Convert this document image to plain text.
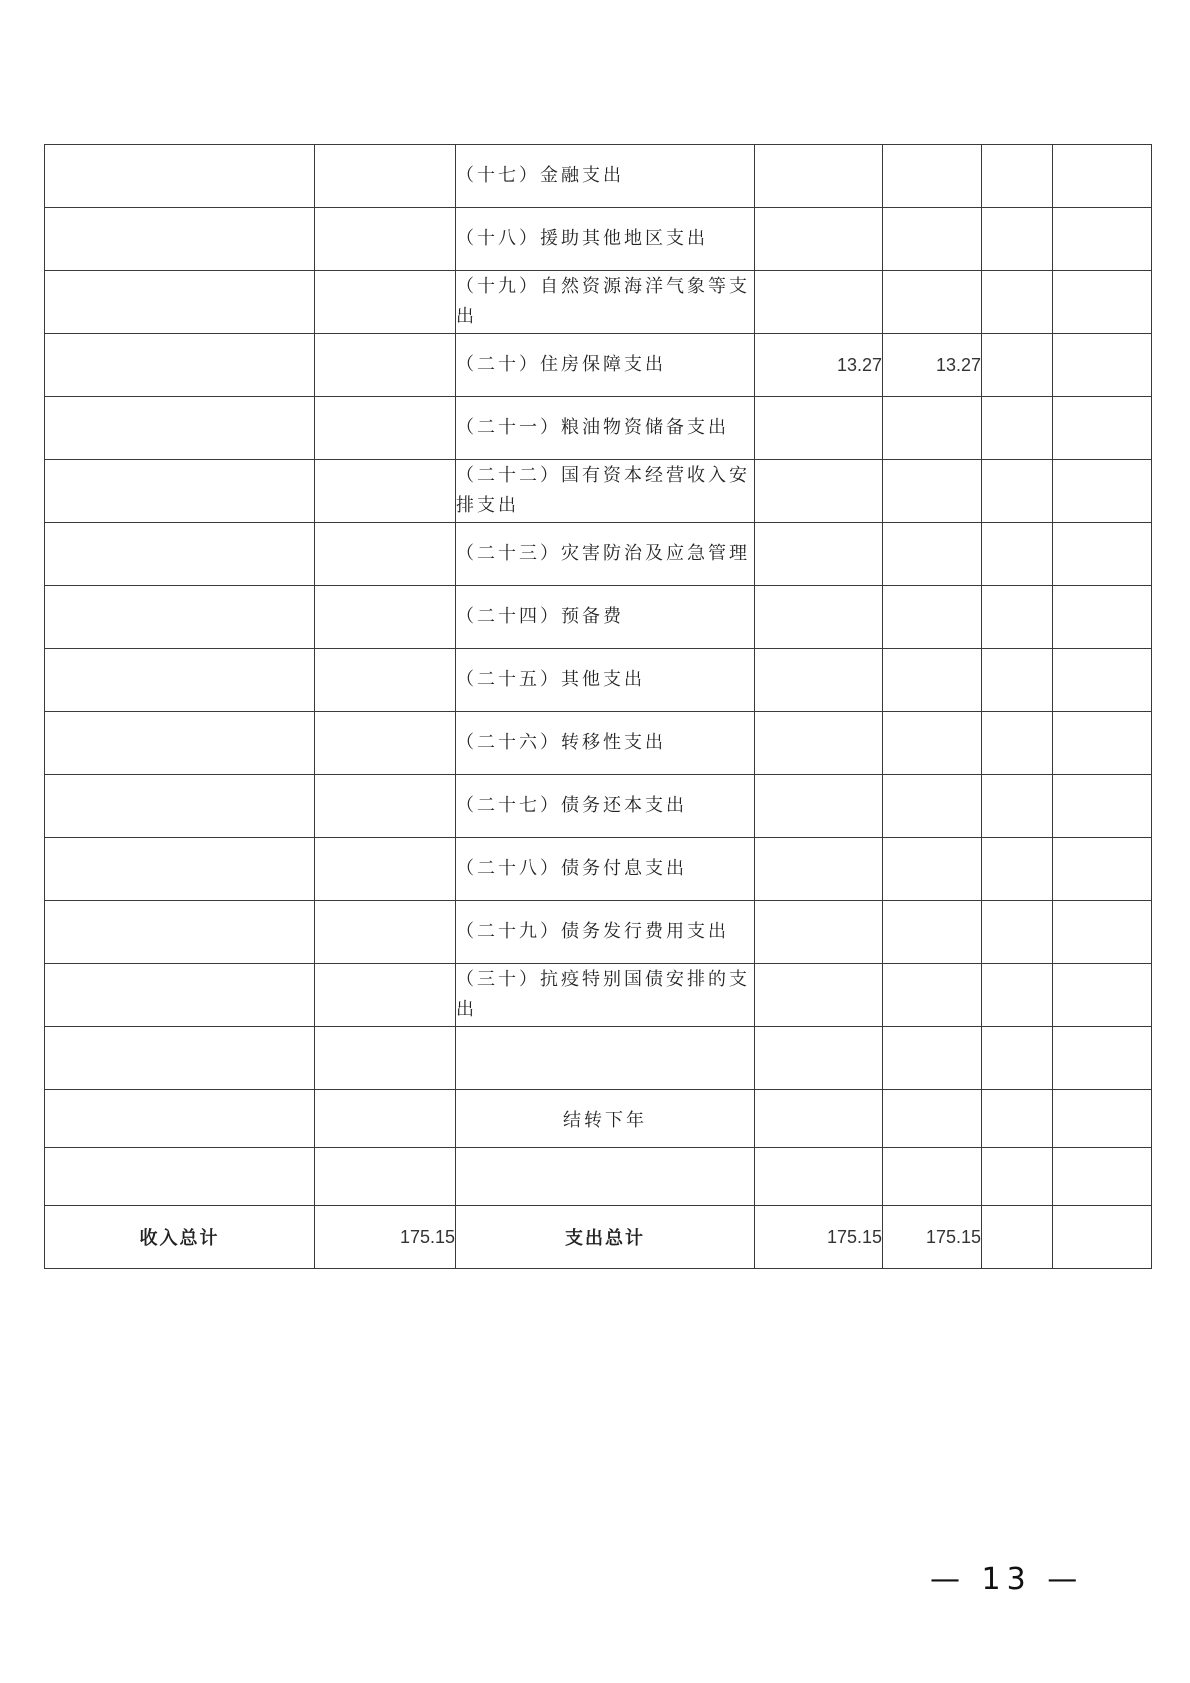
		（十七）金融支出				
		（十八）援助其他地区支出				
		（十九）自然资源海洋气象等支出				
		（二十）住房保障支出	13.27	13.27		
		（二十一）粮油物资储备支出				
		（二十二）国有资本经营收入安排支出				
		（二十三）灾害防治及应急管理				
		（二十四）预备费				
		（二十五）其他支出				
		（二十六）转移性支出				
		（二十七）债务还本支出				
		（二十八）债务付息支出				
		（二十九）债务发行费用支出				
		（三十）抗疫特别国债安排的支出				

		结转下年				

收入总计	175.15	支出总计	175.15	175.15		
— 13 —
